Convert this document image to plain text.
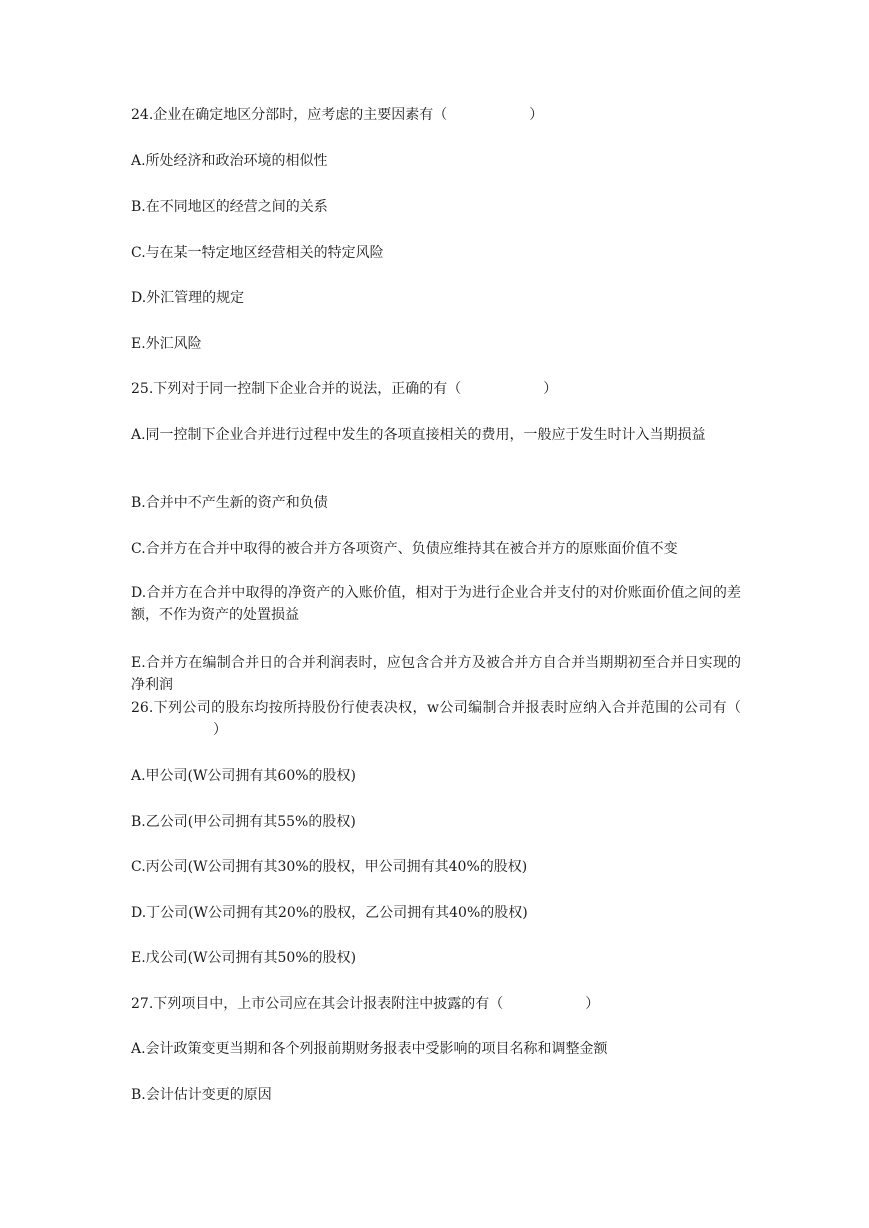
24.企业在确定地区分部时，应考虑的主要因素有（	）
A.所处经济和政治环境的相似性
B.在不同地区的经营之间的关系
C.与在某一特定地区经营相关的特定风险
D.外汇管理的规定
E.外汇风险
25.下列对于同一控制下企业合并的说法，正确的有（	）
A.同一控制下企业合并进行过程中发生的各项直接相关的费用，一般应于发生时计入当期损益
B.合并中不产生新的资产和负债
C.合并方在合并中取得的被合并方各项资产、负债应维持其在被合并方的原账面价值不变
D.合并方在合并中取得的净资产的入账价值，相对于为进行企业合并支付的对价账面价值之间的差额，不作为资产的处置损益
E.合并方在编制合并日的合并利润表时，应包含合并方及被合并方自合并当期期初至合并日实现的净利润
26.下列公司的股东均按所持股份行使表决权，w公司编制合并报表时应纳入合并范围的公司有（）
A.甲公司(W公司拥有其60%的股权)
B.乙公司(甲公司拥有其55%的股权)
C.丙公司(W公司拥有其30%的股权，甲公司拥有其40%的股权)
D.丁公司(W公司拥有其20%的股权，乙公司拥有其40%的股权)
E.戊公司(W公司拥有其50%的股权)
27.下列项目中，上市公司应在其会计报表附注中披露的有（	）
A.会计政策变更当期和各个列报前期财务报表中受影响的项目名称和调整金额
B.会计估计变更的原因
